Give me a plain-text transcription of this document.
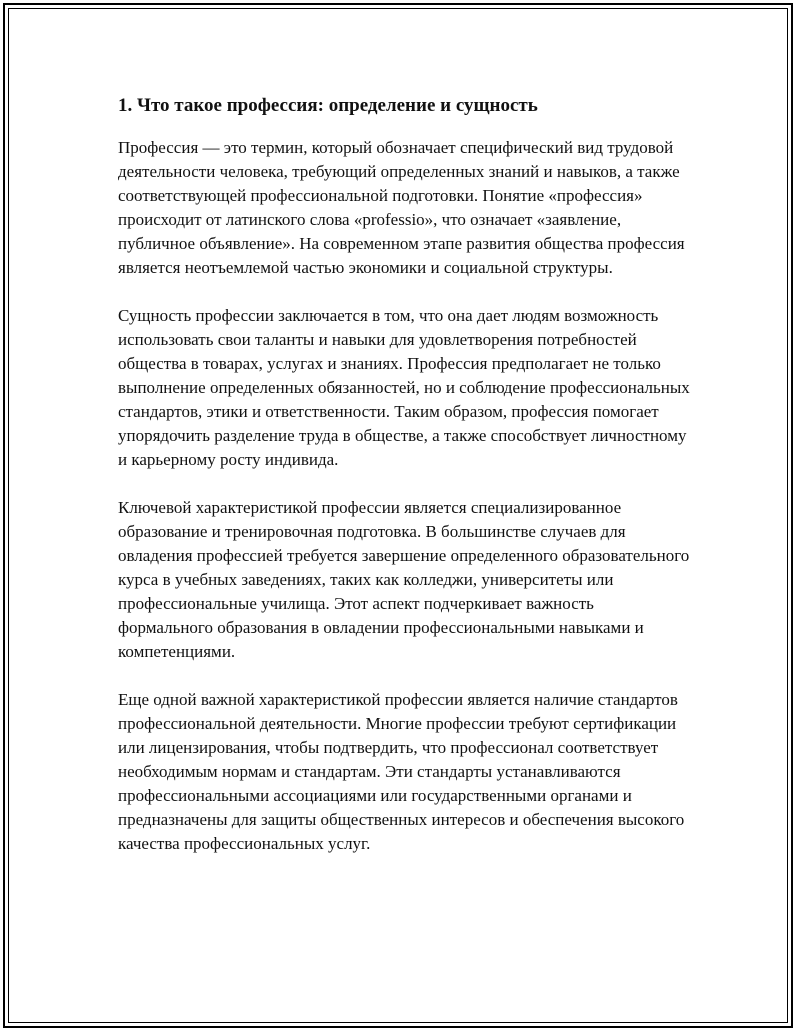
1. Что такое профессия: определение и сущность

Профессия — это термин, который обозначает специфический вид трудовой деятельности человека, требующий определенных знаний и навыков, а также соответствующей профессиональной подготовки. Понятие «профессия» происходит от латинского слова «professio», что означает «заявление, публичное объявление». На современном этапе развития общества профессия является неотъемлемой частью экономики и социальной структуры.

Сущность профессии заключается в том, что она дает людям возможность использовать свои таланты и навыки для удовлетворения потребностей общества в товарах, услугах и знаниях. Профессия предполагает не только выполнение определенных обязанностей, но и соблюдение профессиональных стандартов, этики и ответственности. Таким образом, профессия помогает упорядочить разделение труда в обществе, а также способствует личностному и карьерному росту индивида.

Ключевой характеристикой профессии является специализированное образование и тренировочная подготовка. В большинстве случаев для овладения профессией требуется завершение определенного образовательного курса в учебных заведениях, таких как колледжи, университеты или профессиональные училища. Этот аспект подчеркивает важность формального образования в овладении профессиональными навыками и компетенциями.

Еще одной важной характеристикой профессии является наличие стандартов профессиональной деятельности. Многие профессии требуют сертификации или лицензирования, чтобы подтвердить, что профессионал соответствует необходимым нормам и стандартам. Эти стандарты устанавливаются профессиональными ассоциациями или государственными органами и предназначены для защиты общественных интересов и обеспечения высокого качества профессиональных услуг.
